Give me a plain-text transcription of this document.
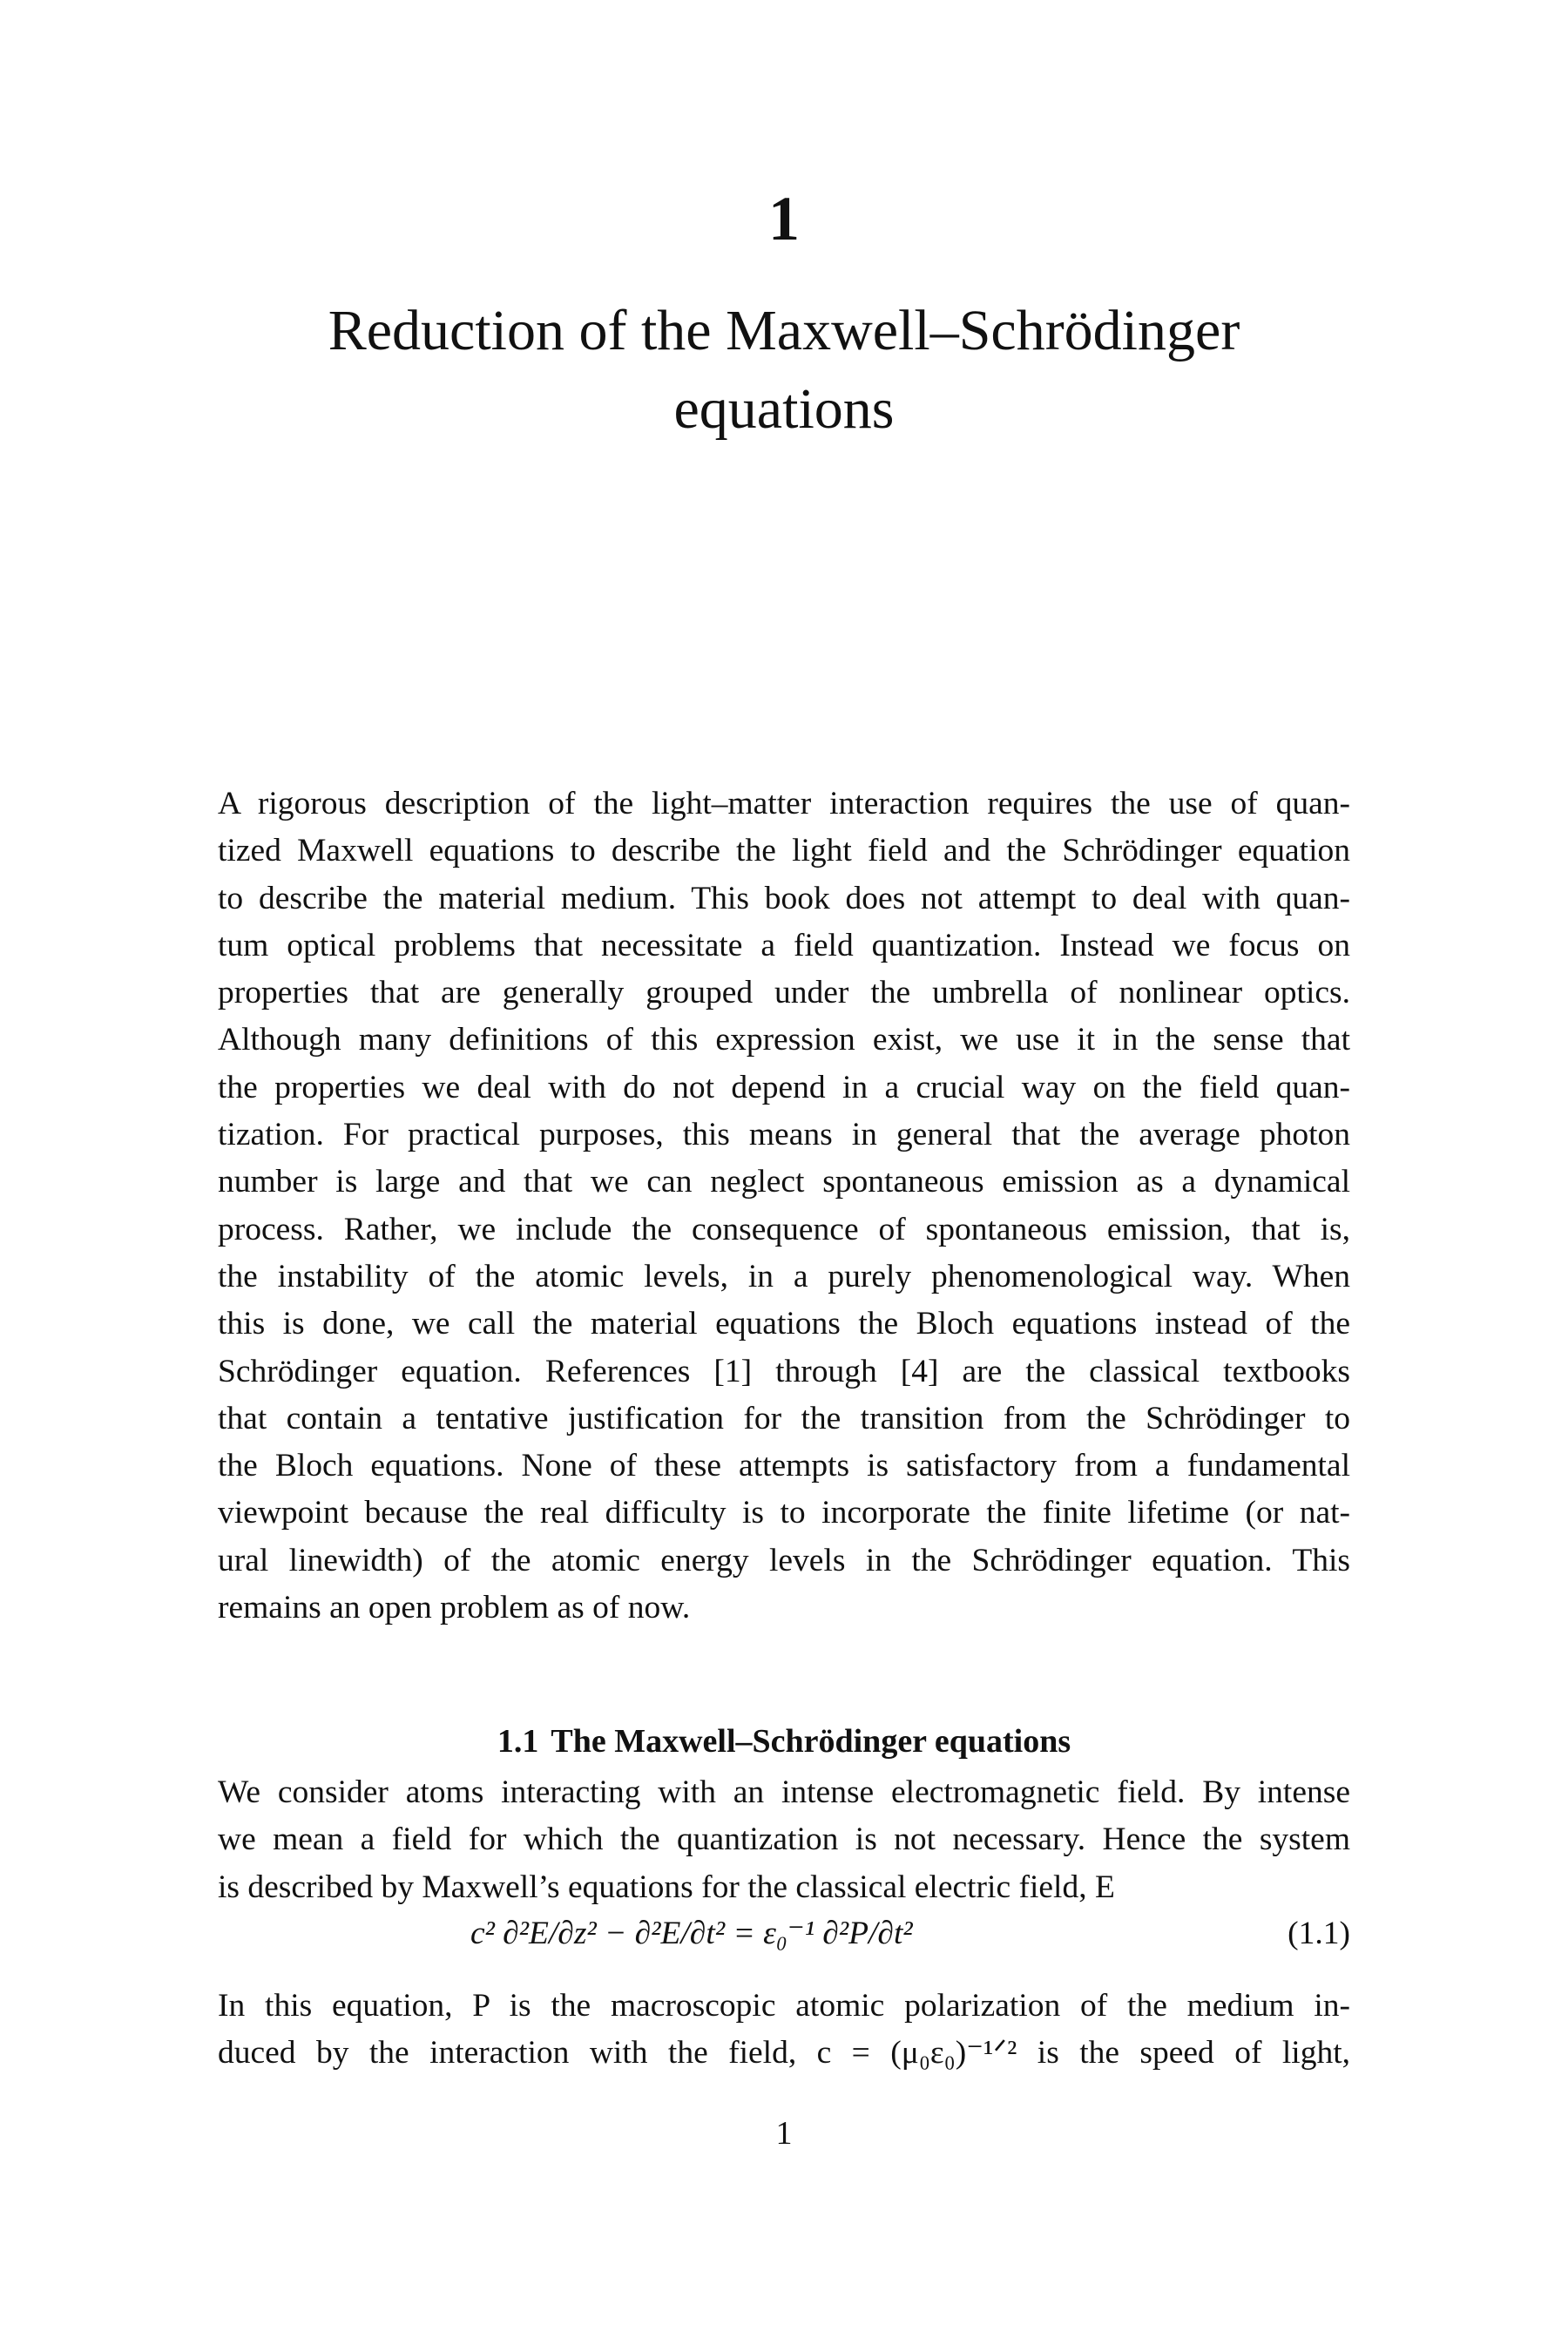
1
Reduction of the Maxwell–Schrödinger
equations
A rigorous description of the light–matter interaction requires the use of quan-
tized Maxwell equations to describe the light field and the Schrödinger equation
to describe the material medium. This book does not attempt to deal with quan-
tum optical problems that necessitate a field quantization. Instead we focus on
properties that are generally grouped under the umbrella of nonlinear optics.
Although many definitions of this expression exist, we use it in the sense that
the properties we deal with do not depend in a crucial way on the field quan-
tization. For practical purposes, this means in general that the average photon
number is large and that we can neglect spontaneous emission as a dynamical
process. Rather, we include the consequence of spontaneous emission, that is,
the instability of the atomic levels, in a purely phenomenological way. When
this is done, we call the material equations the Bloch equations instead of the
Schrödinger equation. References [1] through [4] are the classical textbooks
that contain a tentative justification for the transition from the Schrödinger to
the Bloch equations. None of these attempts is satisfactory from a fundamental
viewpoint because the real difficulty is to incorporate the finite lifetime (or nat-
ural linewidth) of the atomic energy levels in the Schrödinger equation. This
remains an open problem as of now.
1.1 The Maxwell–Schrödinger equations
We consider atoms interacting with an intense electromagnetic field. By intense
we mean a field for which the quantization is not necessary. Hence the system
is described by Maxwell’s equations for the classical electric field, E
c² ∂²E/∂z² − ∂²E/∂t² = ε₀⁻¹ ∂²P/∂t²	(1.1)
In this equation, P is the macroscopic atomic polarization of the medium in-
duced by the interaction with the field, c = (μ₀ε₀)⁻¹ᐟ² is the speed of light,
1
